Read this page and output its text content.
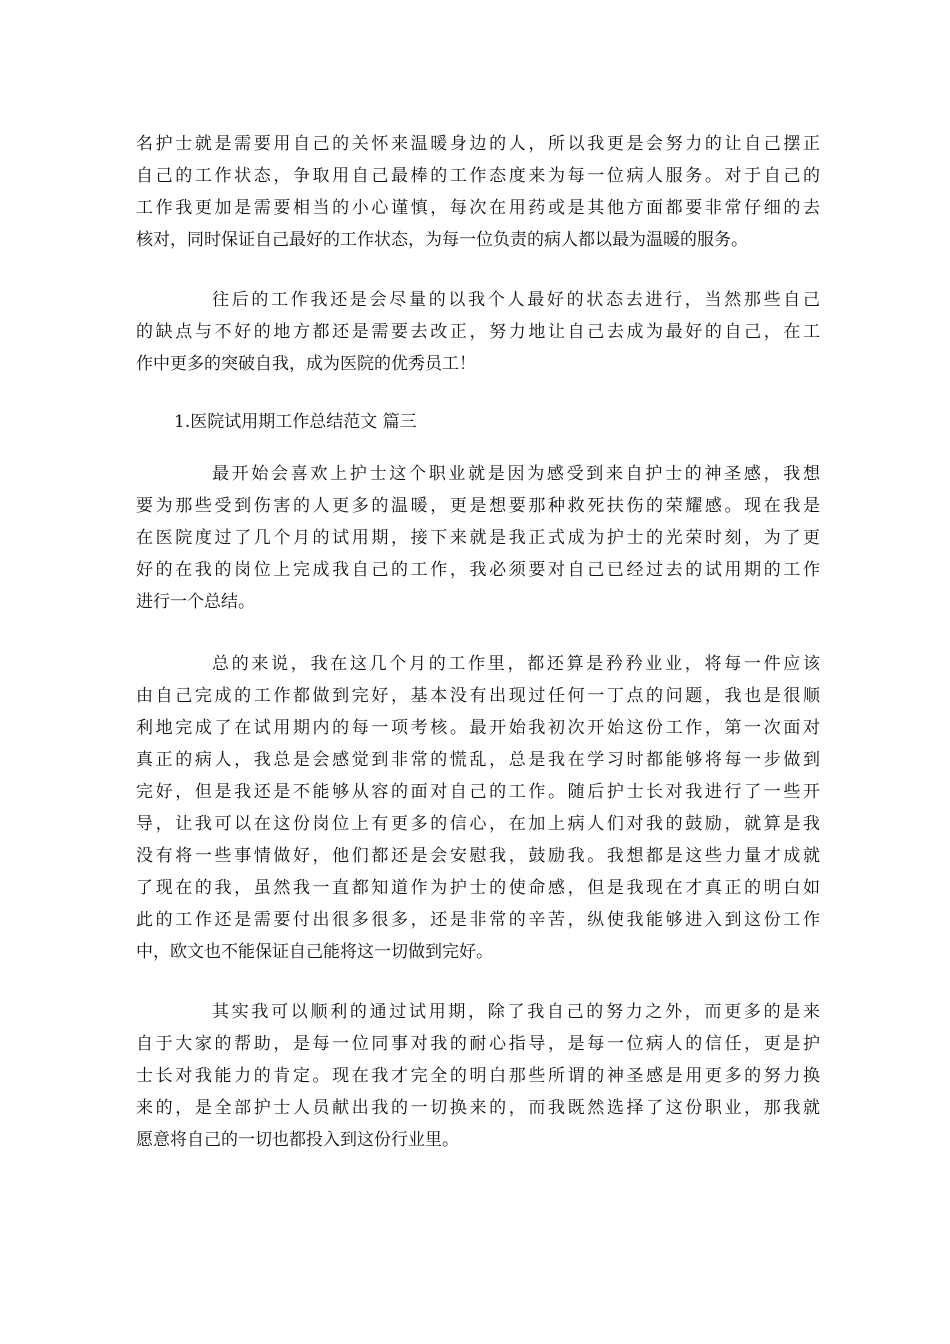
名护士就是需要用自己的关怀来温暖身边的人，所以我更是会努力的让自己摆正
自己的工作状态，争取用自己最棒的工作态度来为每一位病人服务。对于自己的
工作我更加是需要相当的小心谨慎，每次在用药或是其他方面都要非常仔细的去
核对，同时保证自己最好的工作状态，为每一位负责的病人都以最为温暖的服务。
往后的工作我还是会尽量的以我个人最好的状态去进行，当然那些自己
的缺点与不好的地方都还是需要去改正，努力地让自己去成为最好的自己，在工
作中更多的突破自我，成为医院的优秀员工！
1.医院试用期工作总结范文 篇三
最开始会喜欢上护士这个职业就是因为感受到来自护士的神圣感，我想
要为那些受到伤害的人更多的温暖，更是想要那种救死扶伤的荣耀感。现在我是
在医院度过了几个月的试用期，接下来就是我正式成为护士的光荣时刻，为了更
好的在我的岗位上完成我自己的工作，我必须要对自己已经过去的试用期的工作
进行一个总结。
总的来说，我在这几个月的工作里，都还算是矜矜业业，将每一件应该
由自己完成的工作都做到完好，基本没有出现过任何一丁点的问题，我也是很顺
利地完成了在试用期内的每一项考核。最开始我初次开始这份工作，第一次面对
真正的病人，我总是会感觉到非常的慌乱，总是我在学习时都能够将每一步做到
完好，但是我还是不能够从容的面对自己的工作。随后护士长对我进行了一些开
导，让我可以在这份岗位上有更多的信心，在加上病人们对我的鼓励，就算是我
没有将一些事情做好，他们都还是会安慰我，鼓励我。我想都是这些力量才成就
了现在的我，虽然我一直都知道作为护士的使命感，但是我现在才真正的明白如
此的工作还是需要付出很多很多，还是非常的辛苦，纵使我能够进入到这份工作
中，欧文也不能保证自己能将这一切做到完好。
其实我可以顺利的通过试用期，除了我自己的努力之外，而更多的是来
自于大家的帮助，是每一位同事对我的耐心指导，是每一位病人的信任，更是护
士长对我能力的肯定。现在我才完全的明白那些所谓的神圣感是用更多的努力换
来的，是全部护士人员献出我的一切换来的，而我既然选择了这份职业，那我就
愿意将自己的一切也都投入到这份行业里。
